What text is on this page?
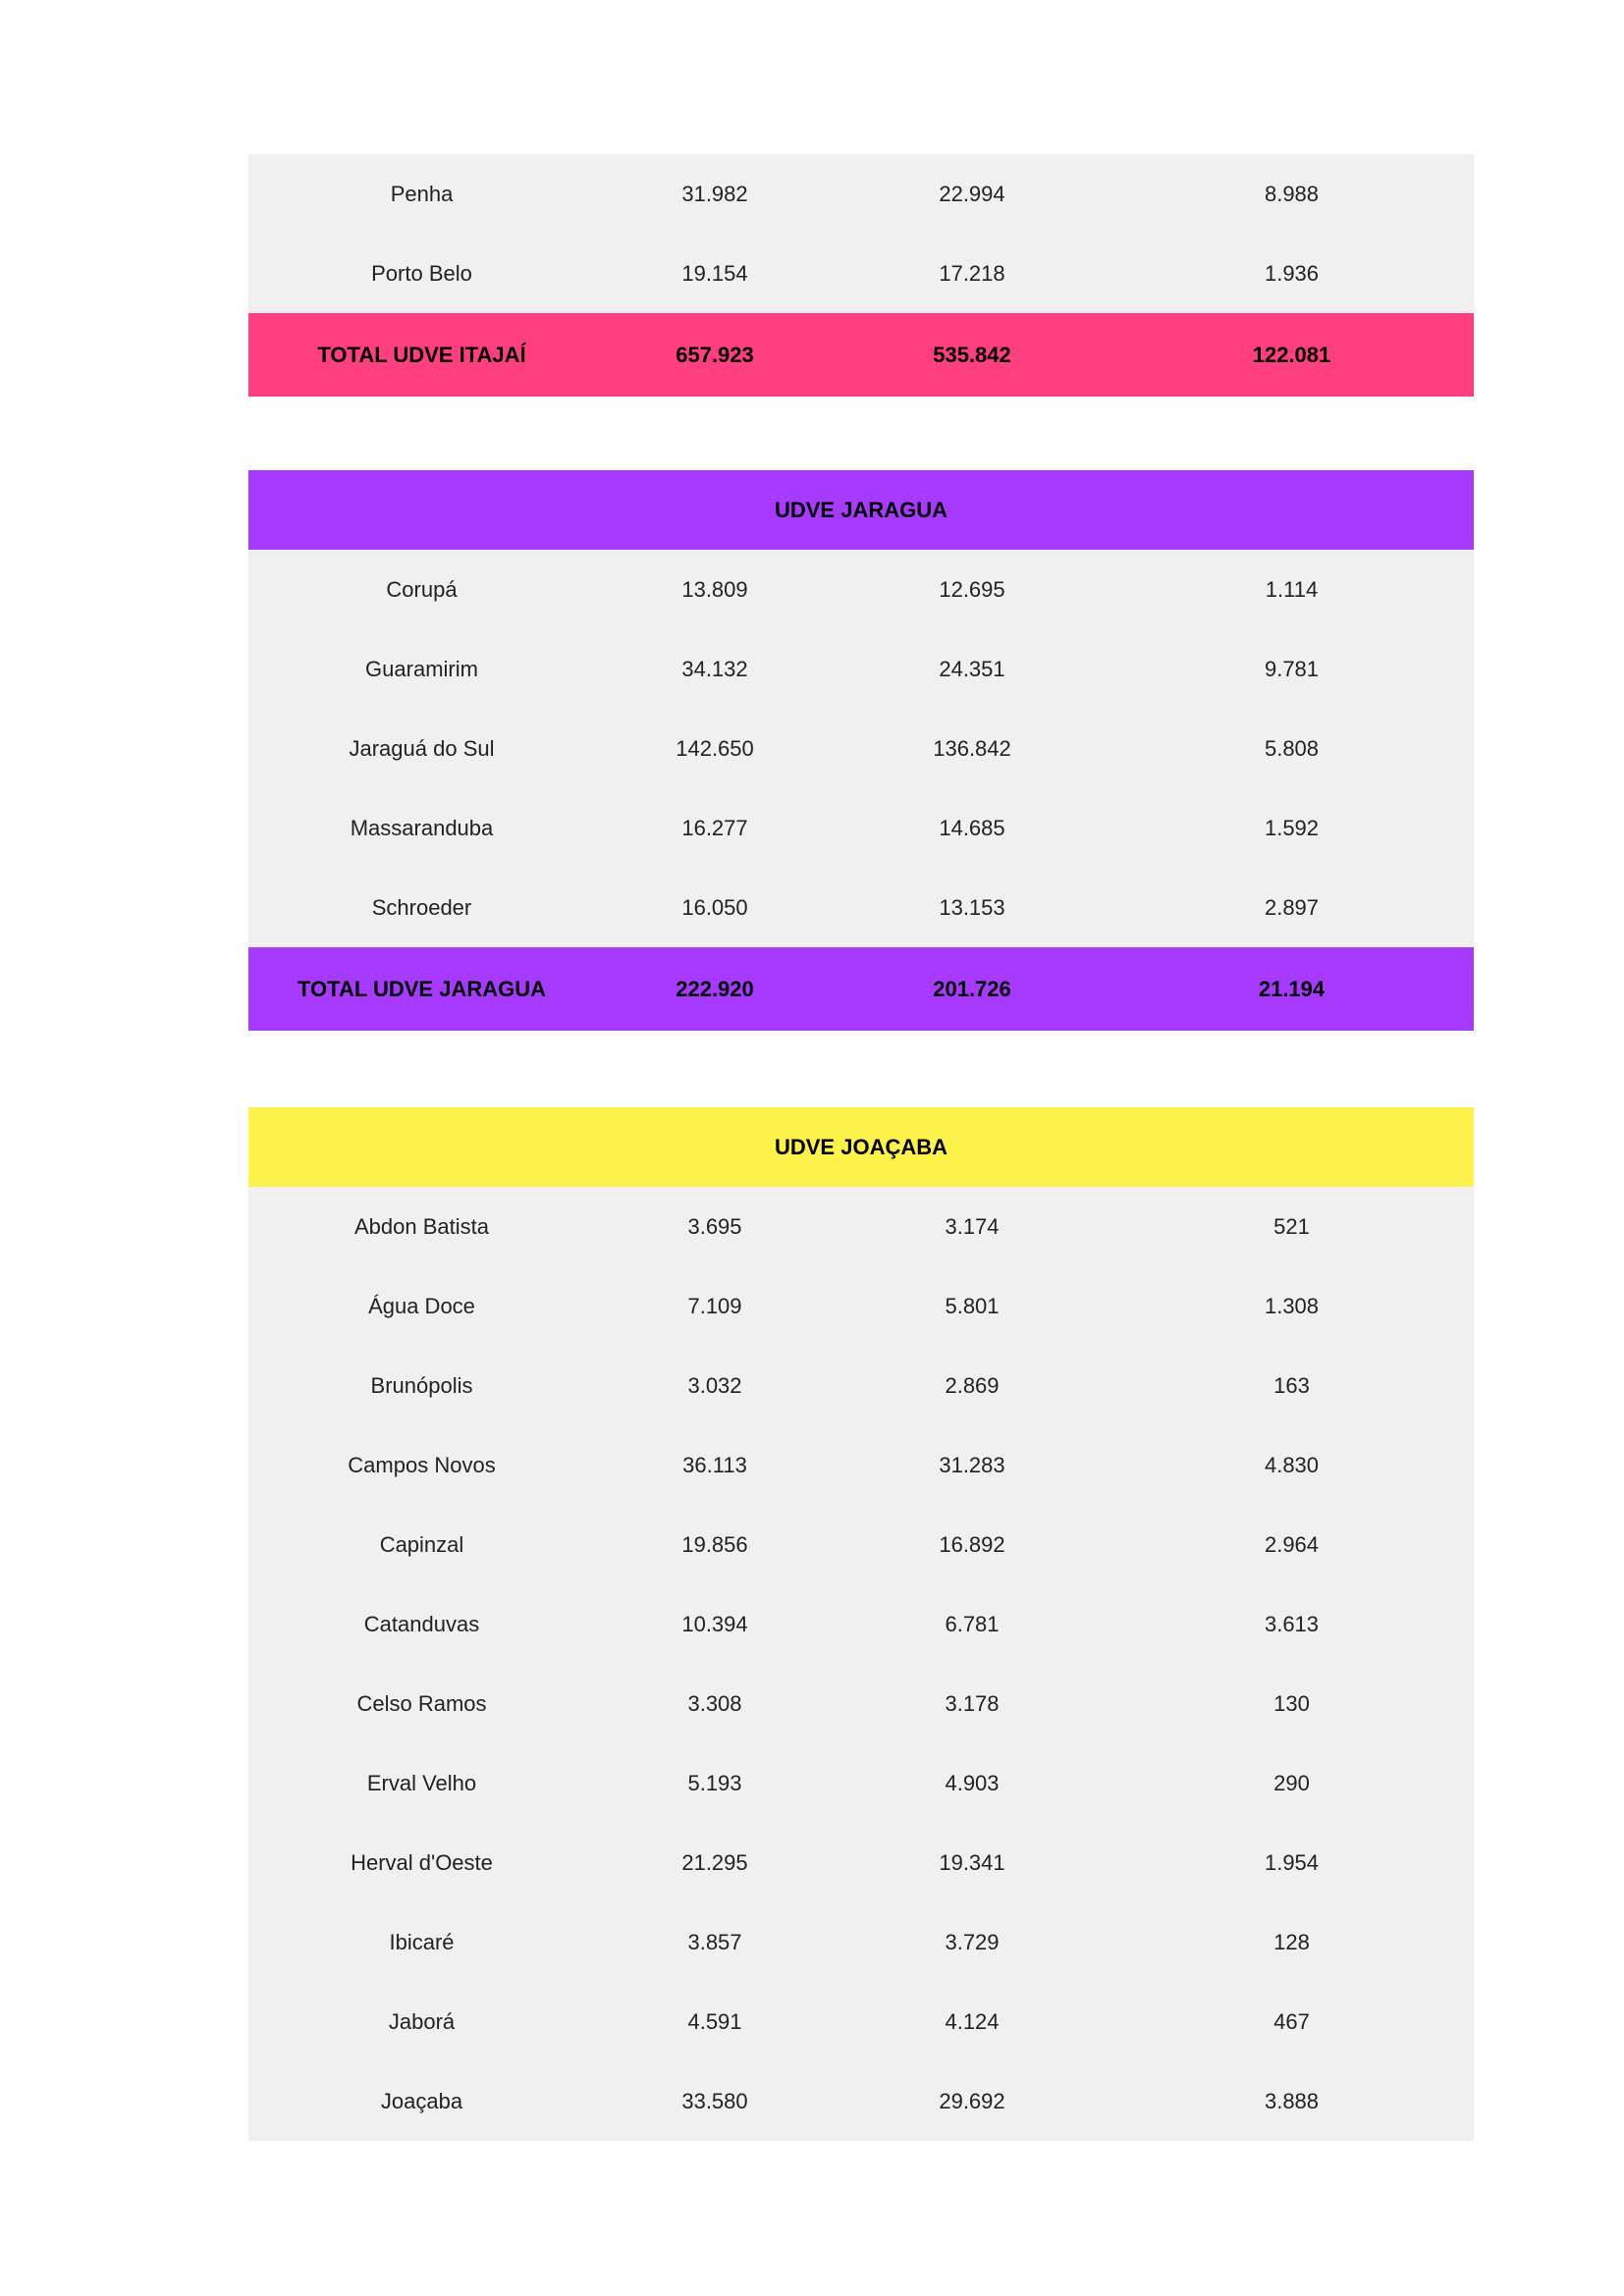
Penha	31.982	22.994	8.988
Porto Belo	19.154	17.218	1.936
TOTAL UDVE ITAJAÍ	657.923	535.842	122.081
UDVE JARAGUA
Corupá	13.809	12.695	1.114
Guaramirim	34.132	24.351	9.781
Jaraguá do Sul	142.650	136.842	5.808
Massaranduba	16.277	14.685	1.592
Schroeder	16.050	13.153	2.897
TOTAL UDVE JARAGUA	222.920	201.726	21.194
UDVE JOAÇABA
Abdon Batista	3.695	3.174	521
Água Doce	7.109	5.801	1.308
Brunópolis	3.032	2.869	163
Campos Novos	36.113	31.283	4.830
Capinzal	19.856	16.892	2.964
Catanduvas	10.394	6.781	3.613
Celso Ramos	3.308	3.178	130
Erval Velho	5.193	4.903	290
Herval d'Oeste	21.295	19.341	1.954
Ibicaré	3.857	3.729	128
Jaborá	4.591	4.124	467
Joaçaba	33.580	29.692	3.888
